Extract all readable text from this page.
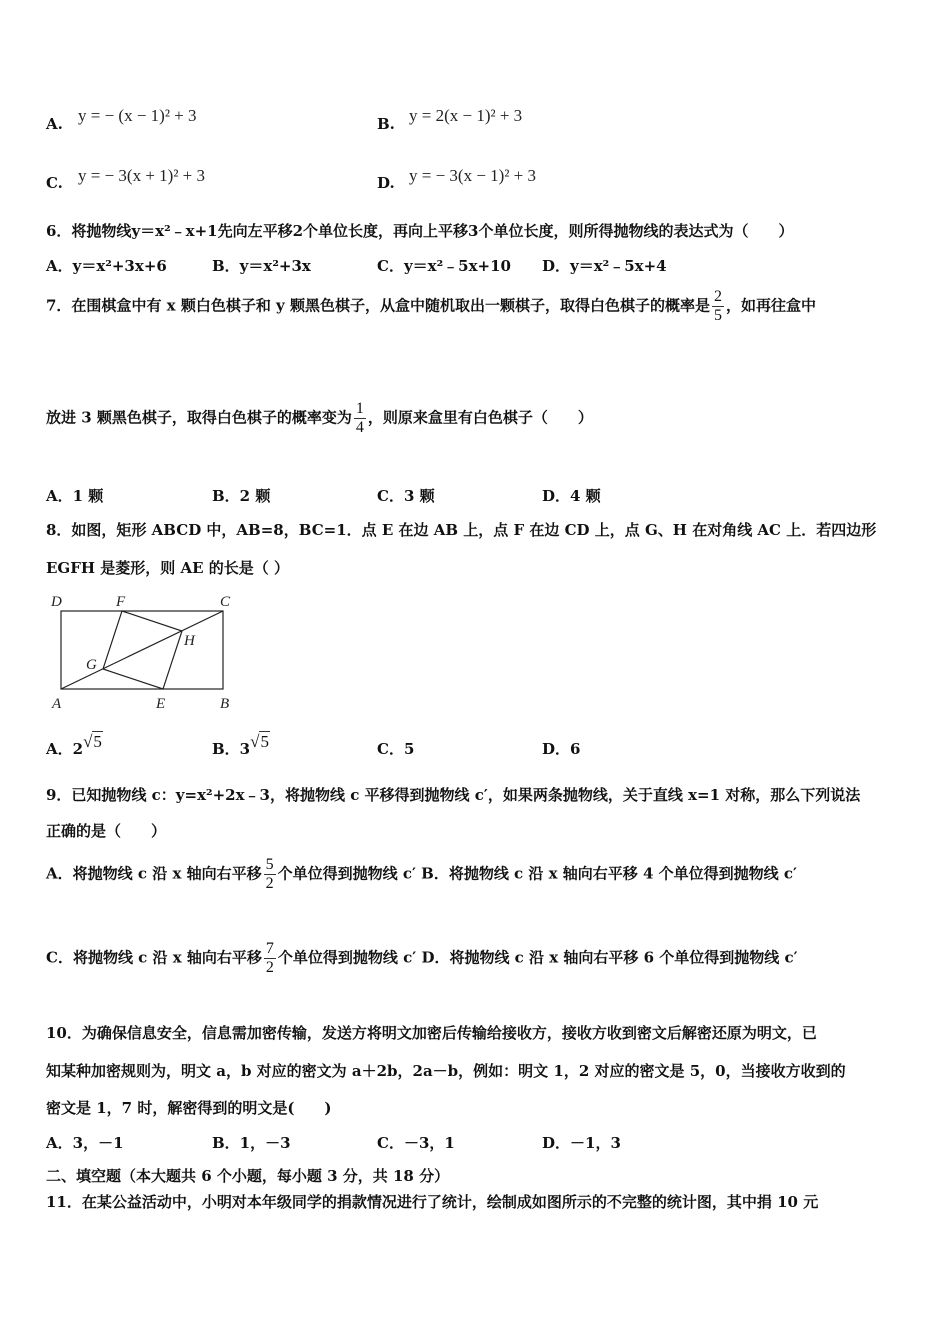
A. y = − (x − 1)² + 3	B. y = 2(x − 1)² + 3
C. y = − 3(x + 1)² + 3	D. y = − 3(x − 1)² + 3
6．将抛物线y＝x²﹣x+1先向左平移2个单位长度，再向上平移3个单位长度，则所得抛物线的表达式为（　　）
A．y＝x²+3x+6	B．y＝x²+3x	C．y＝x²﹣5x+10 D．y＝x²﹣5x+4
7．在围棋盒中有 x 颗白色棋子和 y 颗黑色棋子，从盒中随机取出一颗棋子，取得白色棋子的概率是 $\frac{2}{5}$ ，如再往盒中
放进 3 颗黑色棋子，取得白色棋子的概率变为 $\frac{1}{4}$ ，则原来盒里有白色棋子（　　）
A．1 颗	B．2 颗	C．3 颗	D．4 颗
8．如图，矩形 ABCD 中，AB=8，BC=1．点 E 在边 AB 上，点 F 在边 CD 上，点 G、H 在对角线 AC 上．若四边形
EGFH 是菱形，则 AE 的长是（ ）
D	F	C
H
G
A	E	B
A．2√5	B．3√5	C．5	D．6
9．已知抛物线 c：y=x²+2x﹣3，将抛物线 c 平移得到抛物线 c′，如果两条抛物线，关于直线 x=1 对称，那么下列说法
正确的是（　　）
A．将抛物线 c 沿 x 轴向右平移 $\frac{5}{2}$ 个单位得到抛物线 c′ B．将抛物线 c 沿 x 轴向右平移 4 个单位得到抛物线 c′
C．将抛物线 c 沿 x 轴向右平移 $\frac{7}{2}$ 个单位得到抛物线 c′ D．将抛物线 c 沿 x 轴向右平移 6 个单位得到抛物线 c′
10．为确保信息安全，信息需加密传输，发送方将明文加密后传输给接收方，接收方收到密文后解密还原为明文，已
知某种加密规则为，明文 a，b 对应的密文为 a＋2b，2a－b，例如：明文 1，2 对应的密文是 5，0，当接收方收到的
密文是 1，7 时，解密得到的明文是(　　)
A．3，－1	B．1，－3	C．－3，1	D．－1，3
二、填空题（本大题共 6 个小题，每小题 3 分，共 18 分）
11．在某公益活动中，小明对本年级同学的捐款情况进行了统计，绘制成如图所示的不完整的统计图，其中捐 10 元
